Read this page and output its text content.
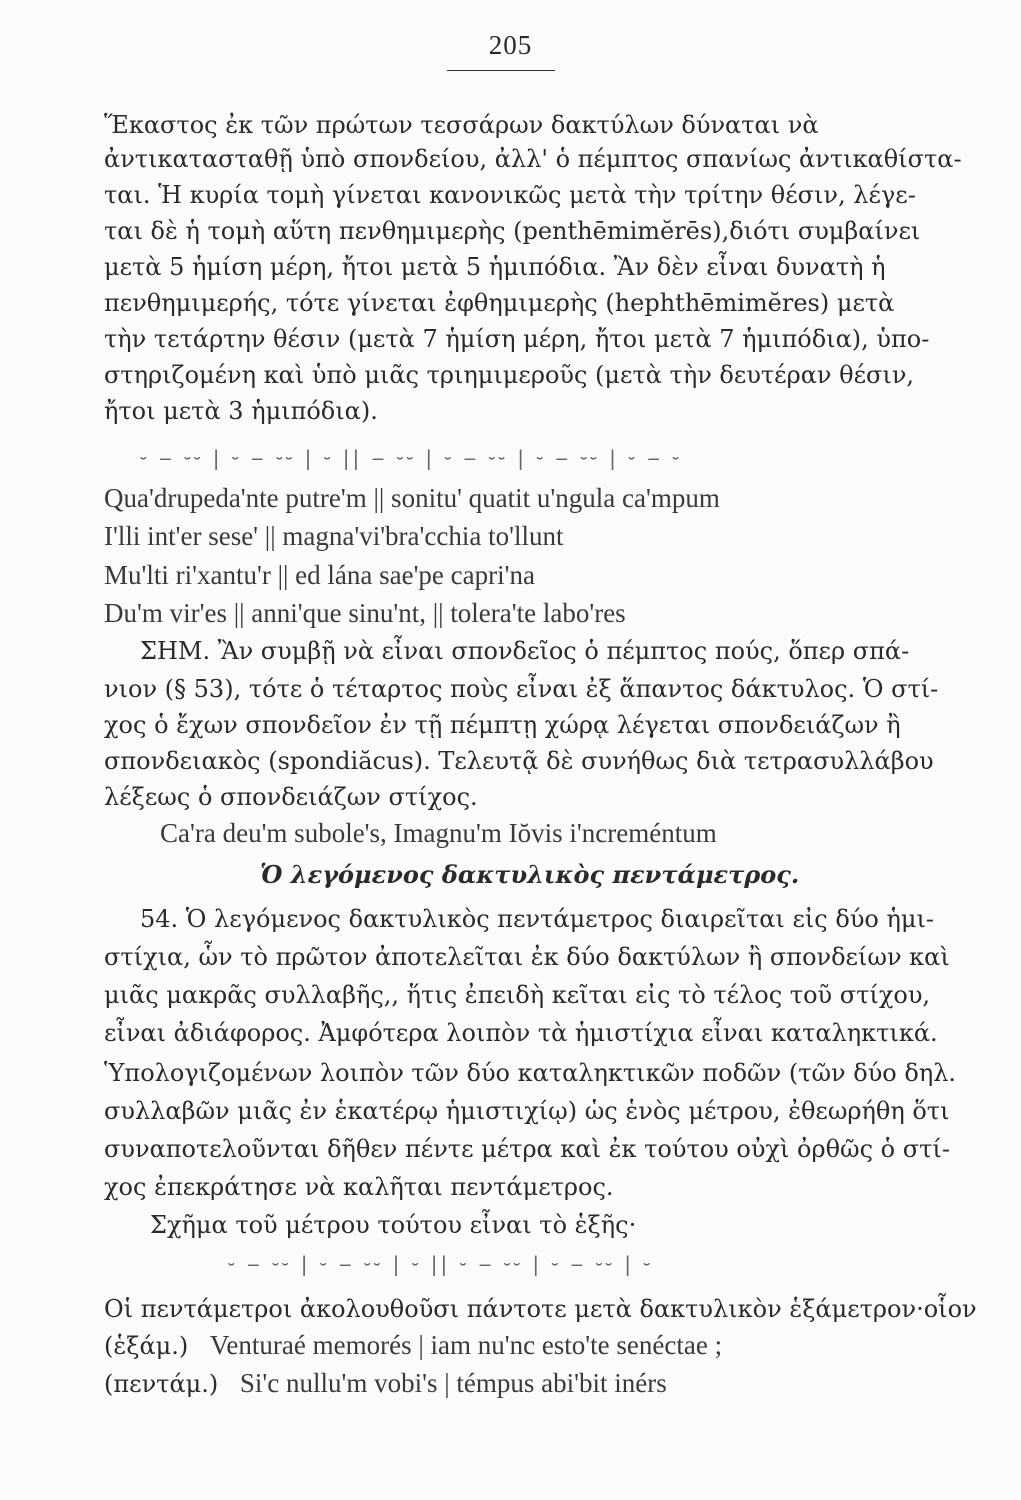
205
Ἕκαστος ἐκ τῶν πρώτων τεσσάρων δακτύλων δύναται νὰ
ἀντικατασταθῇ ὑπὸ σπονδείου, ἀλλ' ὁ πέμπτος σπανίως ἀντικαθίστα-
ται. Ἡ κυρία τομὴ γίνεται κανονικῶς μετὰ τὴν τρίτην θέσιν, λέγε-
ται δὲ ἡ τομὴ αὕτη πενθημιμερὴς (penthēmimĕrēs),διότι συμβαίνει
μετὰ 5 ἡμίση μέρη, ἤτοι μετὰ 5 ἡμιπόδια. Ἂν δὲν εἶναι δυνατὴ ἡ
πενθημιμερής, τότε γίνεται ἐφθημιμερὴς (hephthēmimĕres) μετὰ
τὴν τετάρτην θέσιν (μετὰ 7 ἡμίση μέρη, ἤτοι μετὰ 7 ἡμιπόδια), ὑπο-
στηριζομένη καὶ ὑπὸ μιᾶς τριημιμεροῦς (μετὰ τὴν δευτέραν θέσιν,
ἤτοι μετὰ 3 ἡμιπόδια).
⏑ ‒ ⏑⏑ | ⏑ ‒ ⏑⏑ | ⏑ || ‒ ⏑⏑ | ⏑ ‒ ⏑⏑ | ⏑ ‒ ⏑⏑ | ⏑ ‒ ⏑
Qua'drupeda'nte putre'm || sonitu' quatit u'ngula ca'mpum
I'lli int'er sese' || magna'vi'bra'cchia to'llunt
Mu'lti ri'xantu'r || ed lána sae'pe capri'na
Du'm vir'es || anni'que sinu'nt, || tolera'te labo'res
ΣΗΜ. Ἂν συμβῇ νὰ εἶναι σπονδεῖος ὁ πέμπτος πούς, ὅπερ σπά-
νιον (§ 53), τότε ὁ τέταρτος ποὺς εἶναι ἐξ ἅπαντος δάκτυλος. Ὁ στί-
χος ὁ ἔχων σπονδεῖον ἐν τῇ πέμπτῃ χώρᾳ λέγεται σπονδειάζων ἢ
σπονδειακὸς (spondiăcus). Τελευτᾷ δὲ συνήθως διὰ τετρασυλλάβου
λέξεως ὁ σπονδειάζων στίχος.
Ca'ra deu'm subole's, Imagnu'm Iŏvis i'ncreméntum
Ὁ λεγόμενος δακτυλικὸς πεντάμετρος.
54. Ὁ λεγόμενος δακτυλικὸς πεντάμετρος διαιρεῖται εἰς δύο ἡμι-
στίχια, ὧν τὸ πρῶτον ἀποτελεῖται ἐκ δύο δακτύλων ἢ σπονδείων καὶ
μιᾶς μακρᾶς συλλαβῆς,, ἥτις ἐπειδὴ κεῖται εἰς τὸ τέλος τοῦ στίχου,
εἶναι ἀδιάφορος. Ἀμφότερα λοιπὸν τὰ ἡμιστίχια εἶναι καταληκτικά.
Ὑπολογιζομένων λοιπὸν τῶν δύο καταληκτικῶν ποδῶν (τῶν δύο δηλ.
συλλαβῶν μιᾶς ἐν ἑκατέρῳ ἡμιστιχίῳ) ὡς ἑνὸς μέτρου, ἐθεωρήθη ὅτι
συναποτελοῦνται δῆθεν πέντε μέτρα καὶ ἐκ τούτου οὐχὶ ὀρθῶς ὁ στί-
χος ἐπεκράτησε νὰ καλῆται πεντάμετρος.
Σχῆμα τοῦ μέτρου τούτου εἶναι τὸ ἑξῆς·
⏑ ‒ ⏑⏑ | ⏑ ‒ ⏑⏑ | ⏑ || ⏑ ‒ ⏑⏑ | ⏑ ‒ ⏑⏑ | ⏑
Οἱ πεντάμετροι ἀκολουθοῦσι πάντοτε μετὰ δακτυλικὸν ἑξάμετρον·οἷον
(ἑξάμ.) Venturaé memorés | iam nu'nc esto'te senéctae ;
(πεντάμ.) Si'c nullu'm vobi's | témpus abi'bit inérs
